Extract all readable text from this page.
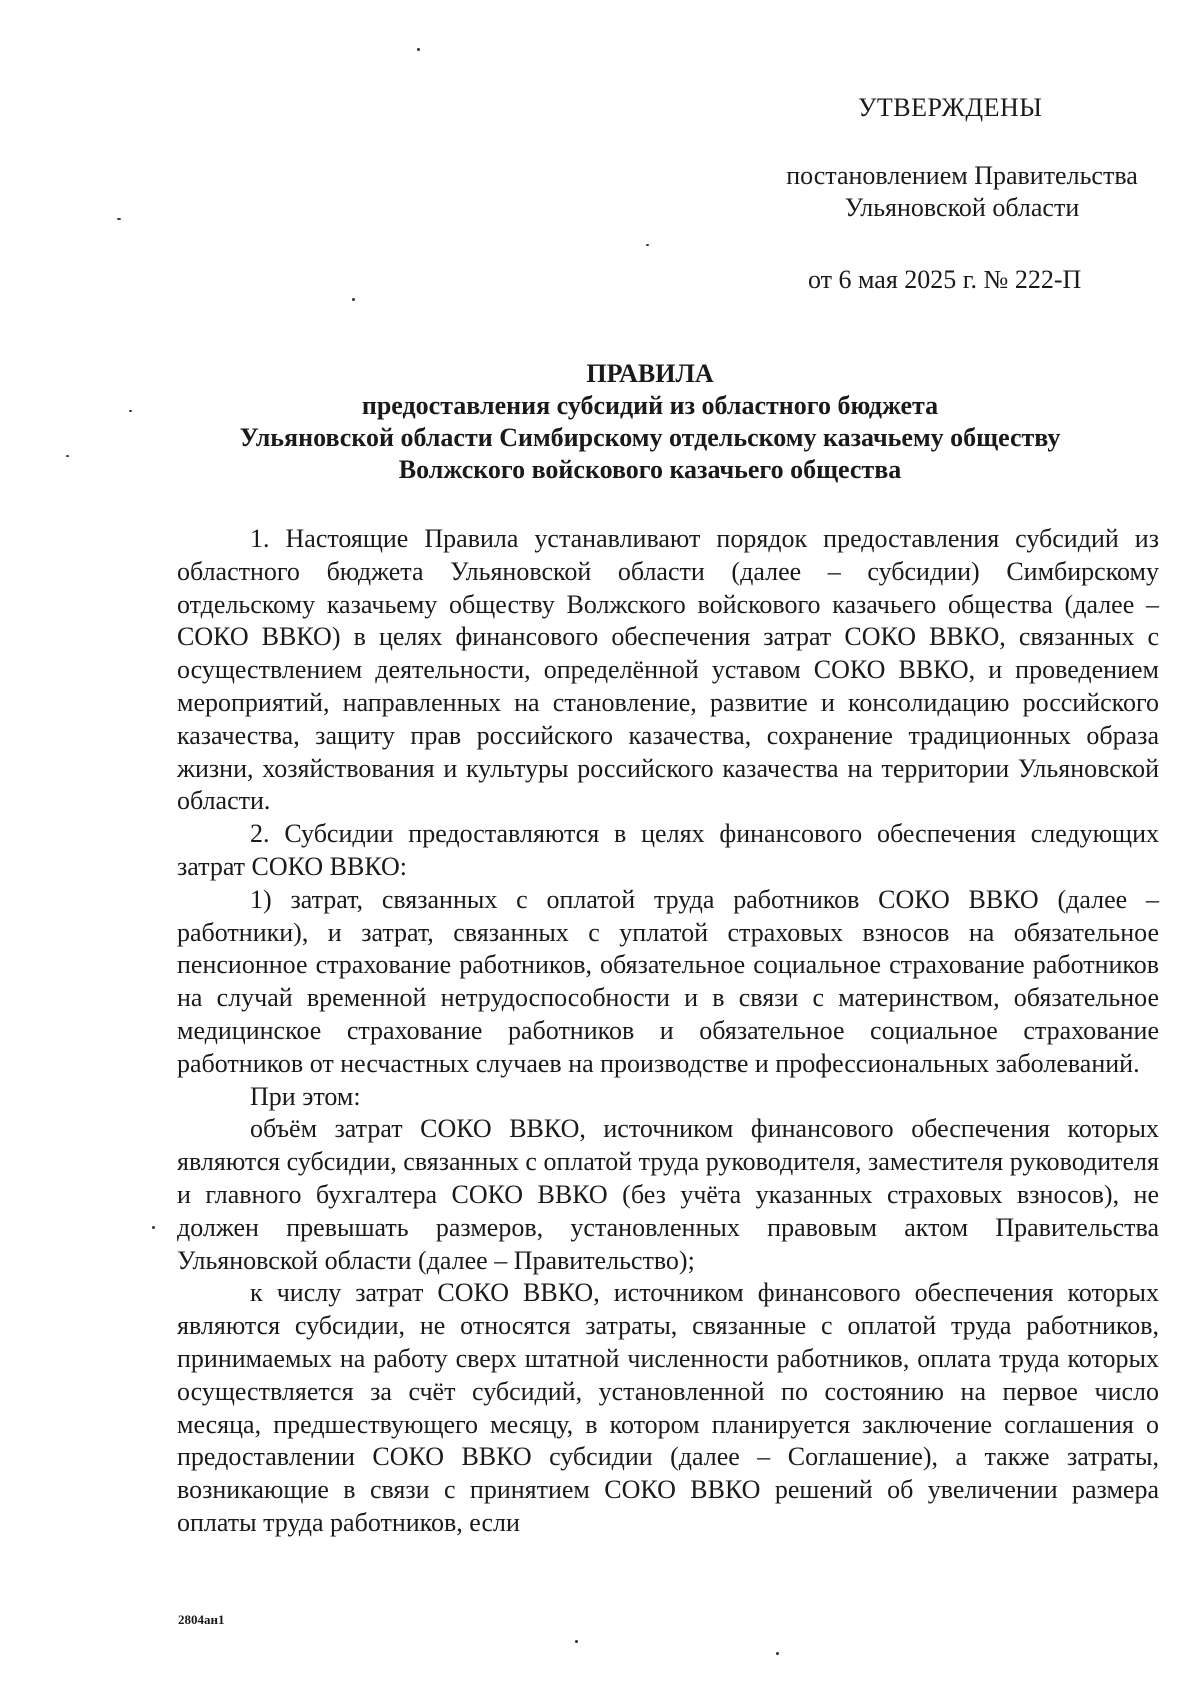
УТВЕРЖДЕНЫ
постановлением Правительства
Ульяновской области
от 6 мая 2025 г. № 222-П
ПРАВИЛА
предоставления субсидий из областного бюджета
Ульяновской области Симбирскому отдельскому казачьему обществу
Волжского войскового казачьего общества

1. Настоящие Правила устанавливают порядок предоставления субсидий из областного бюджета Ульяновской области (далее – субсидии) Симбирскому отдельскому казачьему обществу Волжского войскового казачьего общества (далее – СОКО ВВКО) в целях финансового обеспечения затрат СОКО ВВКО, связанных с осуществлением деятельности, определённой уставом СОКО ВВКО, и проведением мероприятий, направленных на становление, развитие и консолидацию российского казачества, защиту прав российского казачества, сохранение традиционных образа жизни, хозяйствования и культуры российского казачества на территории Ульяновской области.

2. Субсидии предоставляются в целях финансового обеспечения следующих затрат СОКО ВВКО:

1) затрат, связанных с оплатой труда работников СОКО ВВКО (далее – работники), и затрат, связанных с уплатой страховых взносов на обязательное пенсионное страхование работников, обязательное социальное страхование работников на случай временной нетрудоспособности и в связи с материнством, обязательное медицинское страхование работников и обязательное социальное страхование работников от несчастных случаев на производстве и профессиональных заболеваний.

При этом:

объём затрат СОКО ВВКО, источником финансового обеспечения которых являются субсидии, связанных с оплатой труда руководителя, заместителя руководителя и главного бухгалтера СОКО ВВКО (без учёта указанных страховых взносов), не должен превышать размеров, установленных правовым актом Правительства Ульяновской области (далее – Правительство);

к числу затрат СОКО ВВКО, источником финансового обеспечения которых являются субсидии, не относятся затраты, связанные с оплатой труда работников, принимаемых на работу сверх штатной численности работников, оплата труда которых осуществляется за счёт субсидий, установленной по состоянию на первое число месяца, предшествующего месяцу, в котором планируется заключение соглашения о предоставлении СОКО ВВКО субсидии (далее – Соглашение), а также затраты, возникающие в связи с принятием СОКО ВВКО решений об увеличении размера оплаты труда работников, если

2804ан1
